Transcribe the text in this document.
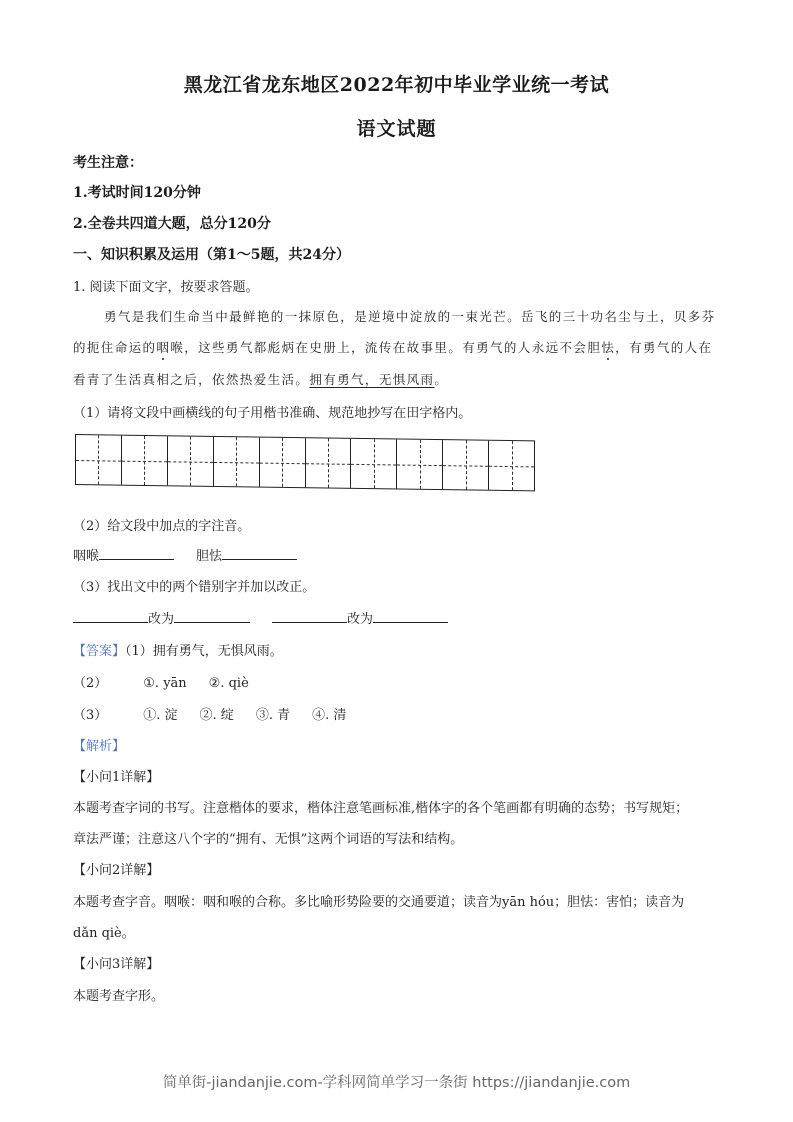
黑龙江省龙东地区2022年初中毕业学业统一考试
语文试题
考生注意：
1.考试时间120分钟
2.全卷共四道大题，总分120分
一、知识积累及运用（第1～5题，共24分）
1. 阅读下面文字，按要求答题。
勇气是我们生命当中最鲜艳的一抹原色，是逆境中淀放的一束光芒。岳飞的三十功名尘与土，贝多芬
的扼住命运的咽喉，这些勇气都彪炳在史册上，流传在故事里。有勇气的人永远不会胆怯，有勇气的人在
看青了生活真相之后，依然热爱生活。拥有勇气，无惧风雨。
（1）请将文段中画横线的句子用楷书准确、规范地抄写在田字格内。
（2）给文段中加点的字注音。
咽喉	胆怯
（3）找出文中的两个错别字并加以改正。
改为	改为
【答案】（1）拥有勇气，无惧风雨。
（2）	①. yān ②. qiè
（3）	①. 淀 ②. 绽 ③. 青 ④. 清
【解析】
【小问1详解】
本题考查字词的书写。注意楷体的要求，楷体注意笔画标准,楷体字的各个笔画都有明确的态势；书写规矩；
章法严谨；注意这八个字的“拥有、无惧”这两个词语的写法和结构。
【小问2详解】
本题考查字音。咽喉：咽和喉的合称。多比喻形势险要的交通要道；读音为yān hóu；胆怯：害怕；读音为
dǎn qiè。
【小问3详解】
本题考查字形。
简单街-jiandanjie.com-学科网简单学习一条街 https://jiandanjie.com
